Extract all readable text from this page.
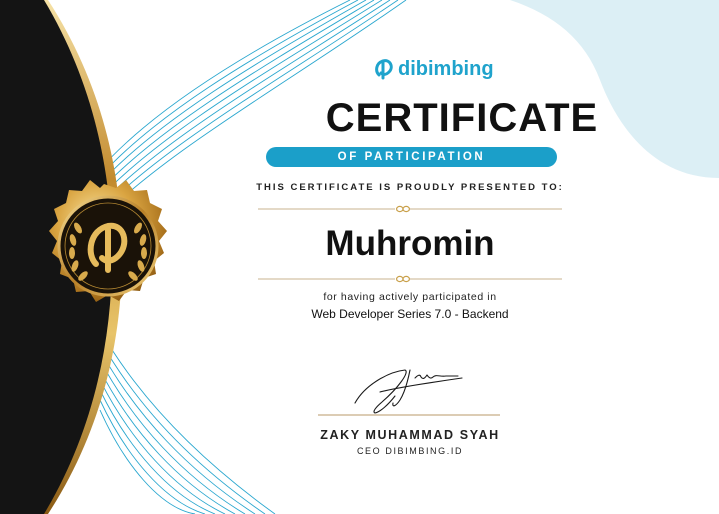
dibimbing
CERTIFICATE
OF PARTICIPATION
THIS CERTIFICATE IS PROUDLY PRESENTED TO:
Muhromin
for having actively participated in
Web Developer Series 7.0 - Backend
ZAKY MUHAMMAD SYAH
CEO DIBIMBING.ID
